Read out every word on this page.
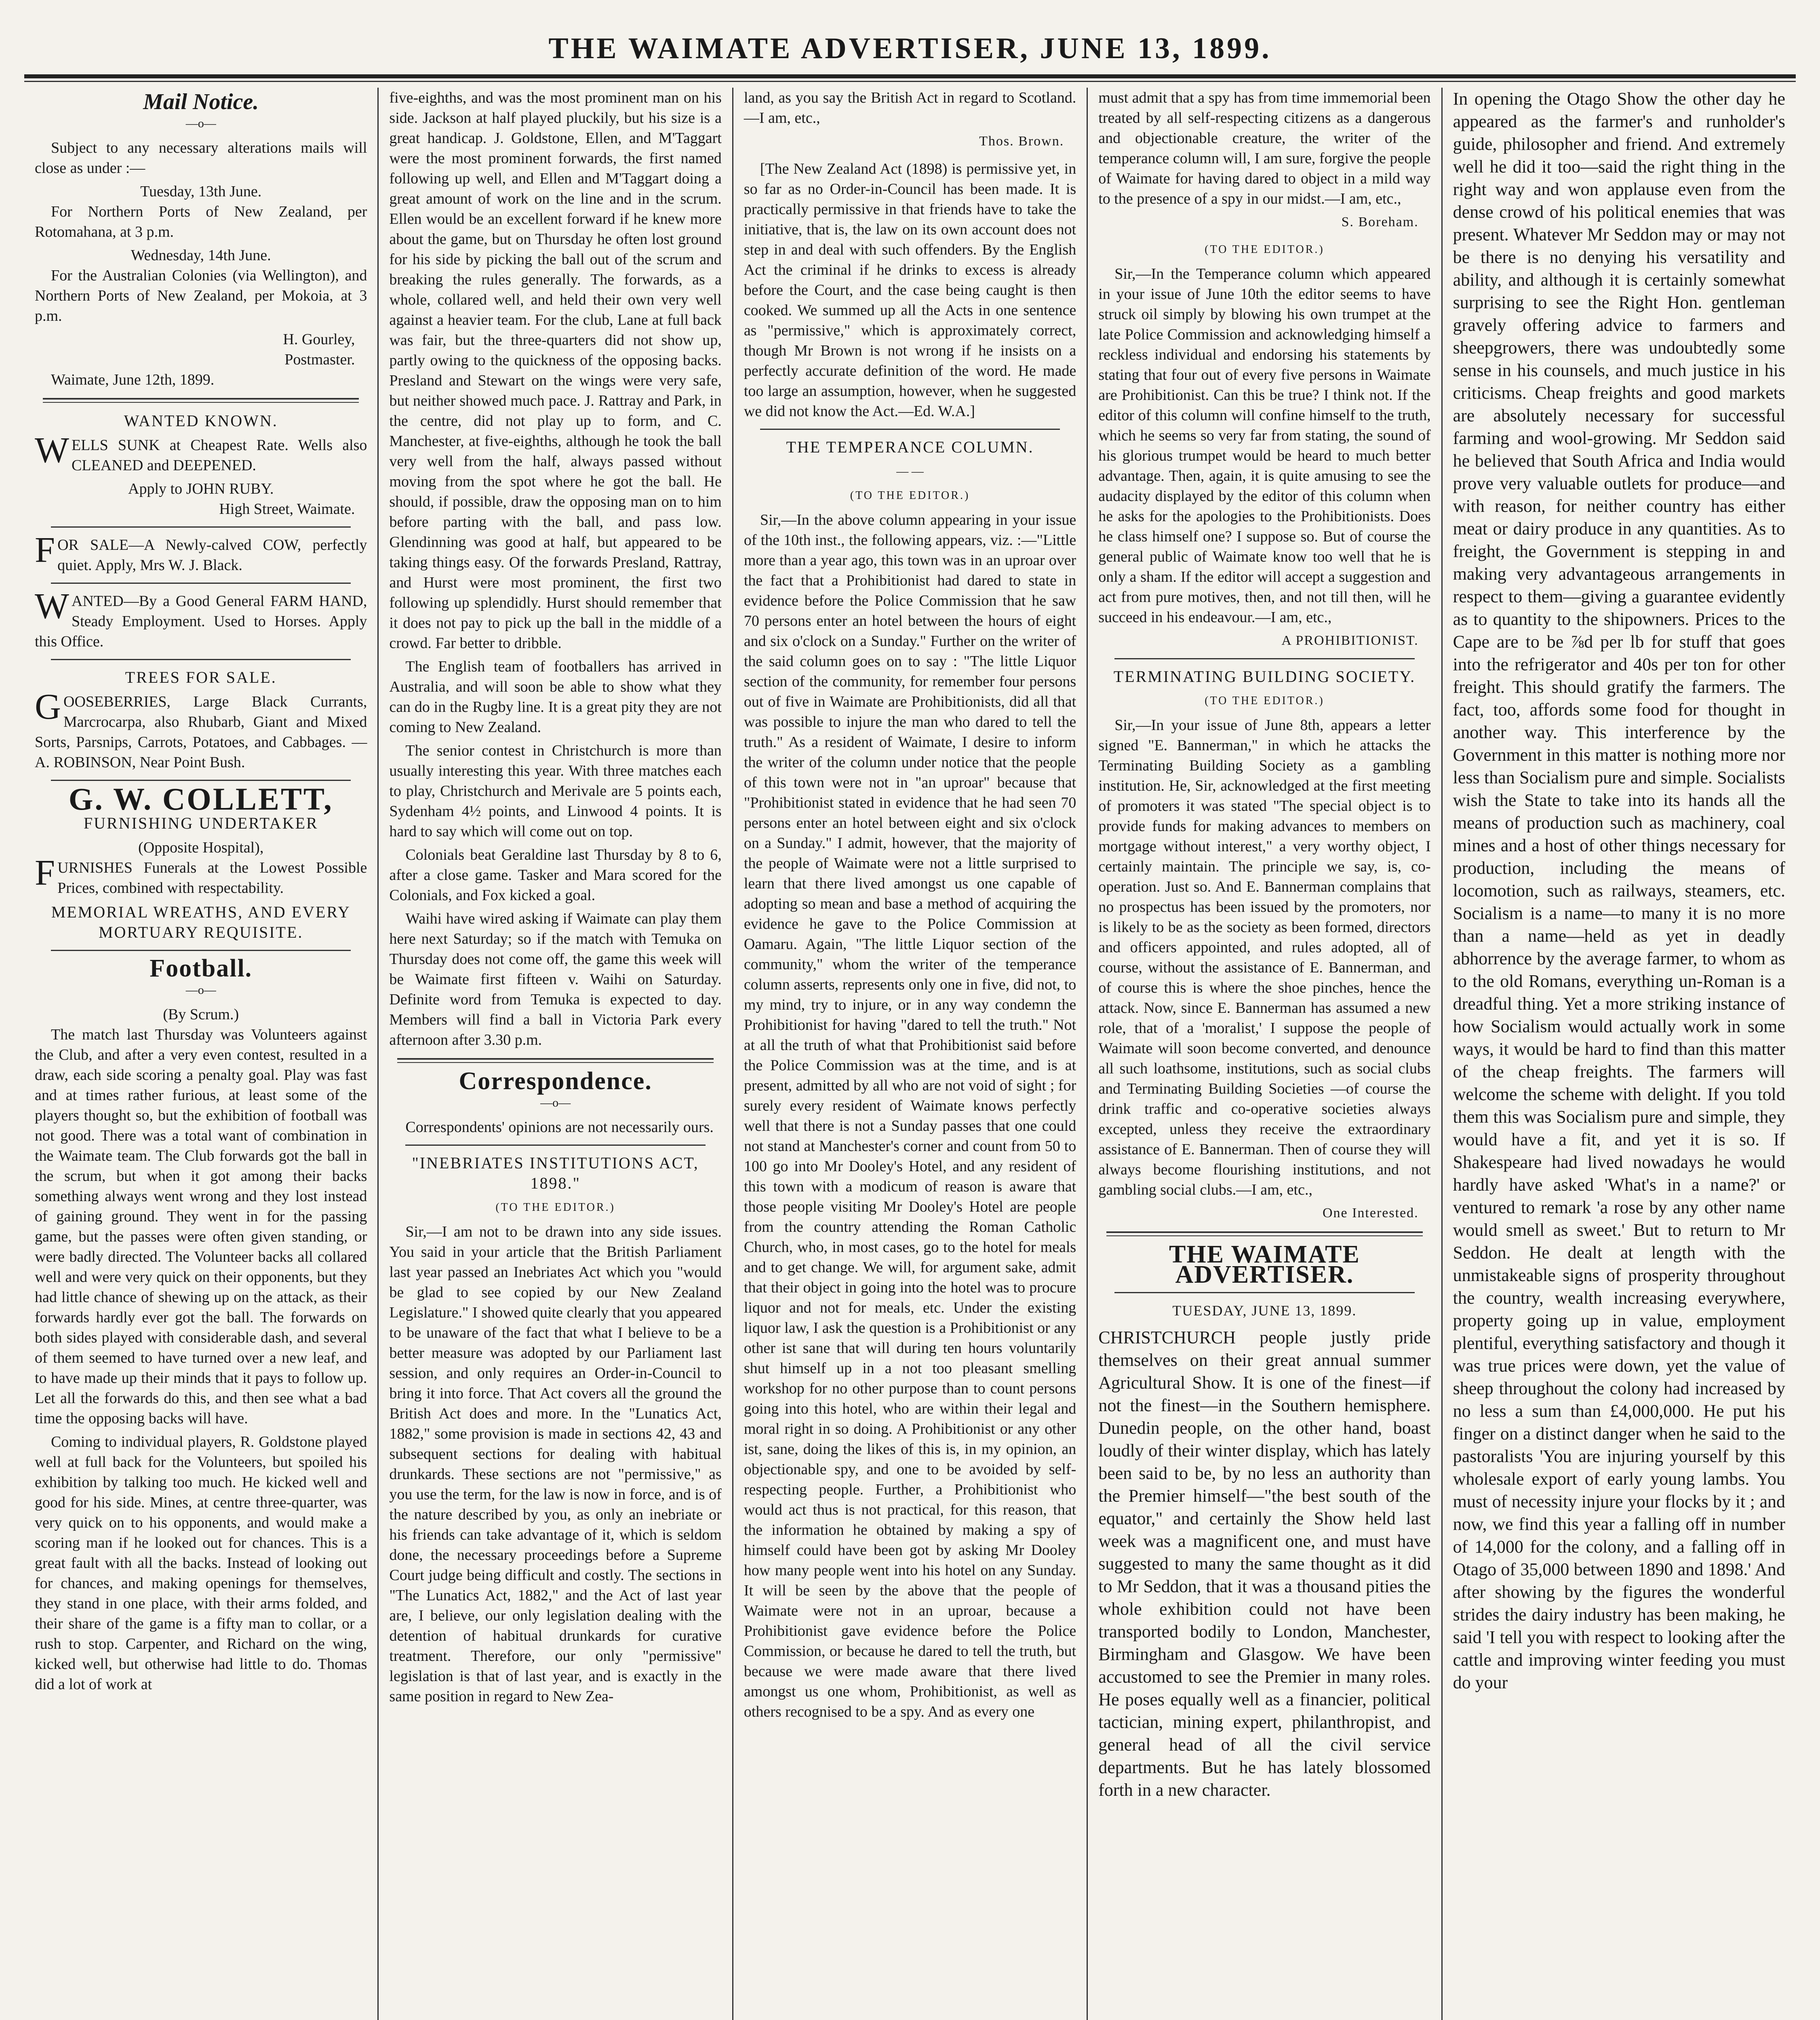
THE WAIMATE ADVERTISER, JUNE 13, 1899.
Mail Notice.
—o—

Subject to any necessary alterations mails will close as under :—

Tuesday, 13th June.

For Northern Ports of New Zealand, per Rotomahana, at 3 p.m.

Wednesday, 14th June.

For the Australian Colonies (via Wellington), and Northern Ports of New Zealand, per Mokoia, at 3 p.m.

H. Gourley,
Postmaster.

Waimate, June 12th, 1899.

WANTED KNOWN.

WELLS SUNK at Cheapest Rate. Wells also CLEANED and DEEPENED.

Apply to JOHN RUBY.
High Street, Waimate.

FOR SALE—A Newly-calved COW, perfectly quiet. Apply, Mrs W. J. Black.

WANTED—By a Good General FARM HAND, Steady Employment. Used to Horses. Apply this Office.

TREES FOR SALE.

GOOSEBERRIES, Large Black Currants, Marcrocarpa, also Rhubarb, Giant and Mixed Sorts, Parsnips, Carrots, Potatoes, and Cabbages. — A. ROBINSON, Near Point Bush.

G. W. COLLETT,
FURNISHING UNDERTAKER
(Opposite Hospital),

FURNISHES Funerals at the Lowest Possible Prices, combined with respectability.

MEMORIAL WREATHS, AND EVERY MORTUARY REQUISITE.
Football.
—o—
(By Scrum.)

The match last Thursday was Volunteers against the Club, and after a very even contest, resulted in a draw, each side scoring a penalty goal. Play was fast and at times rather furious, at least some of the players thought so, but the exhibition of football was not good. There was a total want of combination in the Waimate team. The Club forwards got the ball in the scrum, but when it got among their backs something always went wrong and they lost instead of gaining ground. They went in for the passing game, but the passes were often given standing, or were badly directed. The Volunteer backs all collared well and were very quick on their opponents, but they had little chance of shewing up on the attack, as their forwards hardly ever got the ball. The forwards on both sides played with considerable dash, and several of them seemed to have turned over a new leaf, and to have made up their minds that it pays to follow up. Let all the forwards do this, and then see what a bad time the opposing backs will have.

Coming to individual players, R. Goldstone played well at full back for the Volunteers, but spoiled his exhibition by talking too much. He kicked well and good for his side. Mines, at centre three-quarter, was very quick on to his opponents, and would make a scoring man if he looked out for chances. This is a great fault with all the backs. Instead of looking out for chances, and making openings for themselves, they stand in one place, with their arms folded, and their share of the game is a fifty man to collar, or a rush to stop. Carpenter, and Richard on the wing, kicked well, but otherwise had little to do. Thomas did a lot of work at

five-eighths, and was the most prominent man on his side. Jackson at half played pluckily, but his size is a great handicap. J. Goldstone, Ellen, and M'Taggart were the most prominent forwards, the first named following up well, and Ellen and M'Taggart doing a great amount of work on the line and in the scrum. Ellen would be an excellent forward if he knew more about the game, but on Thursday he often lost ground for his side by picking the ball out of the scrum and breaking the rules generally. The forwards, as a whole, collared well, and held their own very well against a heavier team. For the club, Lane at full back was fair, but the three-quarters did not show up, partly owing to the quickness of the opposing backs. Presland and Stewart on the wings were very safe, but neither showed much pace. J. Rattray and Park, in the centre, did not play up to form, and C. Manchester, at five-eighths, although he took the ball very well from the half, always passed without moving from the spot where he got the ball. He should, if possible, draw the opposing man on to him before parting with the ball, and pass low. Glendinning was good at half, but appeared to be taking things easy. Of the forwards Presland, Rattray, and Hurst were most prominent, the first two following up splendidly. Hurst should remember that it does not pay to pick up the ball in the middle of a crowd. Far better to dribble.

The English team of footballers has arrived in Australia, and will soon be able to show what they can do in the Rugby line. It is a great pity they are not coming to New Zealand.

The senior contest in Christchurch is more than usually interesting this year. With three matches each to play, Christchurch and Merivale are 5 points each, Sydenham 4½ points, and Linwood 4 points. It is hard to say which will come out on top.

Colonials beat Geraldine last Thursday by 8 to 6, after a close game. Tasker and Mara scored for the Colonials, and Fox kicked a goal.

Waihi have wired asking if Waimate can play them here next Saturday; so if the match with Temuka on Thursday does not come off, the game this week will be Waimate first fifteen v. Waihi on Saturday. Definite word from Temuka is expected to day. Members will find a ball in Victoria Park every afternoon after 3.30 p.m.

Correspondence.
—o—

Correspondents' opinions are not necessarily ours.

"INEBRIATES INSTITUTIONS ACT, 1898."
(TO THE EDITOR.)

Sir,—I am not to be drawn into any side issues. You said in your article that the British Parliament last year passed an Inebriates Act which you "would be glad to see copied by our New Zealand Legislature." I showed quite clearly that you appeared to be unaware of the fact that what I believe to be a better measure was adopted by our Parliament last session, and only requires an Order-in-Council to bring it into force. That Act covers all the ground the British Act does and more. In the "Lunatics Act, 1882," some provision is made in sections 42, 43 and subsequent sections for dealing with habitual drunkards. These sections are not "permissive," as you use the term, for the law is now in force, and is of the nature described by you, as only an inebriate or his friends can take advantage of it, which is seldom done, the necessary proceedings before a Supreme Court judge being difficult and costly. The sections in "The Lunatics Act, 1882," and the Act of last year are, I believe, our only legislation dealing with the detention of habitual drunkards for curative treatment. Therefore, our only "permissive" legislation is that of last year, and is exactly in the same position in regard to New Zea-

land, as you say the British Act in regard to Scotland.—I am, etc.,

Thos. Brown.

[The New Zealand Act (1898) is permissive yet, in so far as no Order-in-Council has been made. It is practically permissive in that friends have to take the initiative, that is, the law on its own account does not step in and deal with such offenders. By the English Act the criminal if he drinks to excess is already before the Court, and the case being caught is then cooked. We summed up all the Acts in one sentence as "permissive," which is approximately correct, though Mr Brown is not wrong if he insists on a perfectly accurate definition of the word. He made too large an assumption, however, when he suggested we did not know the Act.—Ed. W.A.]

THE TEMPERANCE COLUMN.
— —
(TO THE EDITOR.)

Sir,—In the above column appearing in your issue of the 10th inst., the following appears, viz. :—"Little more than a year ago, this town was in an uproar over the fact that a Prohibitionist had dared to state in evidence before the Police Commission that he saw 70 persons enter an hotel between the hours of eight and six o'clock on a Sunday." Further on the writer of the said column goes on to say : "The little Liquor section of the community, for remember four persons out of five in Waimate are Prohibitionists, did all that was possible to injure the man who dared to tell the truth." As a resident of Waimate, I desire to inform the writer of the column under notice that the people of this town were not in "an uproar" because that "Prohibitionist stated in evidence that he had seen 70 persons enter an hotel between eight and six o'clock on a Sunday." I admit, however, that the majority of the people of Waimate were not a little surprised to learn that there lived amongst us one capable of adopting so mean and base a method of acquiring the evidence he gave to the Police Commission at Oamaru. Again, "The little Liquor section of the community," whom the writer of the temperance column asserts, represents only one in five, did not, to my mind, try to injure, or in any way condemn the Prohibitionist for having "dared to tell the truth." Not at all the truth of what that Prohibitionist said before the Police Commission was at the time, and is at present, admitted by all who are not void of sight ; for surely every resident of Waimate knows perfectly well that there is not a Sunday passes that one could not stand at Manchester's corner and count from 50 to 100 go into Mr Dooley's Hotel, and any resident of this town with a modicum of reason is aware that those people visiting Mr Dooley's Hotel are people from the country attending the Roman Catholic Church, who, in most cases, go to the hotel for meals and to get change. We will, for argument sake, admit that their object in going into the hotel was to procure liquor and not for meals, etc. Under the existing liquor law, I ask the question is a Prohibitionist or any other ist sane that will during ten hours voluntarily shut himself up in a not too pleasant smelling workshop for no other purpose than to count persons going into this hotel, who are within their legal and moral right in so doing. A Prohibitionist or any other ist, sane, doing the likes of this is, in my opinion, an objectionable spy, and one to be avoided by self-respecting people. Further, a Prohibitionist who would act thus is not practical, for this reason, that the information he obtained by making a spy of himself could have been got by asking Mr Dooley how many people went into his hotel on any Sunday. It will be seen by the above that the people of Waimate were not in an uproar, because a Prohibitionist gave evidence before the Police Commission, or because he dared to tell the truth, but because we were made aware that there lived amongst us one whom, Prohibitionist, as well as others recognised to be a spy. And as every one

must admit that a spy has from time immemorial been treated by all self-respecting citizens as a dangerous and objectionable creature, the writer of the temperance column will, I am sure, forgive the people of Waimate for having dared to object in a mild way to the presence of a spy in our midst.—I am, etc.,

S. Boreham.
(TO THE EDITOR.)

Sir,—In the Temperance column which appeared in your issue of June 10th the editor seems to have struck oil simply by blowing his own trumpet at the late Police Commission and acknowledging himself a reckless individual and endorsing his statements by stating that four out of every five persons in Waimate are Prohibitionist. Can this be true? I think not. If the editor of this column will confine himself to the truth, which he seems so very far from stating, the sound of his glorious trumpet would be heard to much better advantage. Then, again, it is quite amusing to see the audacity displayed by the editor of this column when he asks for the apologies to the Prohibitionists. Does he class himself one? I suppose so. But of course the general public of Waimate know too well that he is only a sham. If the editor will accept a suggestion and act from pure motives, then, and not till then, will he succeed in his endeavour.—I am, etc.,

A PROHIBITIONIST.
TERMINATING BUILDING SOCIETY.
(TO THE EDITOR.)

Sir,—In your issue of June 8th, appears a letter signed "E. Bannerman," in which he attacks the Terminating Building Society as a gambling institution. He, Sir, acknowledged at the first meeting of promoters it was stated "The special object is to provide funds for making advances to members on mortgage without interest," a very worthy object, I certainly maintain. The principle we say, is, co-operation. Just so. And E. Bannerman complains that no prospectus has been issued by the promoters, nor is likely to be as the society as been formed, directors and officers appointed, and rules adopted, all of course, without the assistance of E. Bannerman, and of course this is where the shoe pinches, hence the attack. Now, since E. Bannerman has assumed a new role, that of a 'moralist,' I suppose the people of Waimate will soon become converted, and denounce all such loathsome, institutions, such as social clubs and Terminating Building Societies —of course the drink traffic and co-operative societies always excepted, unless they receive the extraordinary assistance of E. Bannerman. Then of course they will always become flourishing institutions, and not gambling social clubs.—I am, etc.,

One Interested.
THE WAIMATE ADVERTISER.
TUESDAY, JUNE 13, 1899.

CHRISTCHURCH people justly pride themselves on their great annual summer Agricultural Show. It is one of the finest—if not the finest—in the Southern hemisphere. Dunedin people, on the other hand, boast loudly of their winter display, which has lately been said to be, by no less an authority than the Premier himself—"the best south of the equator," and certainly the Show held last week was a magnificent one, and must have suggested to many the same thought as it did to Mr Seddon, that it was a thousand pities the whole exhibition could not have been transported bodily to London, Manchester, Birmingham and Glasgow. We have been accustomed to see the Premier in many roles. He poses equally well as a financier, political tactician, mining expert, philanthropist, and general head of all the civil service departments. But he has lately blossomed forth in a new character.

In opening the Otago Show the other day he appeared as the farmer's and runholder's guide, philosopher and friend. And extremely well he did it too—said the right thing in the right way and won applause even from the dense crowd of his political enemies that was present. Whatever Mr Seddon may or may not be there is no denying his versatility and ability, and although it is certainly somewhat surprising to see the Right Hon. gentleman gravely offering advice to farmers and sheepgrowers, there was undoubtedly some sense in his counsels, and much justice in his criticisms. Cheap freights and good markets are absolutely necessary for successful farming and wool-growing. Mr Seddon said he believed that South Africa and India would prove very valuable outlets for produce—and with reason, for neither country has either meat or dairy produce in any quantities. As to freight, the Government is stepping in and making very advantageous arrangements in respect to them—giving a guarantee evidently as to quantity to the shipowners. Prices to the Cape are to be ⅞d per lb for stuff that goes into the refrigerator and 40s per ton for other freight. This should gratify the farmers. The fact, too, affords some food for thought in another way. This interference by the Government in this matter is nothing more nor less than Socialism pure and simple. Socialists wish the State to take into its hands all the means of production such as machinery, coal mines and a host of other things necessary for production, including the means of locomotion, such as railways, steamers, etc. Socialism is a name—to many it is no more than a name—held as yet in deadly abhorrence by the average farmer, to whom as to the old Romans, everything un-Roman is a dreadful thing. Yet a more striking instance of how Socialism would actually work in some ways, it would be hard to find than this matter of the cheap freights. The farmers will welcome the scheme with delight. If you told them this was Socialism pure and simple, they would have a fit, and yet it is so. If Shakespeare had lived nowadays he would hardly have asked 'What's in a name?' or ventured to remark 'a rose by any other name would smell as sweet.' But to return to Mr Seddon. He dealt at length with the unmistakeable signs of prosperity throughout the country, wealth increasing everywhere, property going up in value, employment plentiful, everything satisfactory and though it was true prices were down, yet the value of sheep throughout the colony had increased by no less a sum than £4,000,000. He put his finger on a distinct danger when he said to the pastoralists 'You are injuring yourself by this wholesale export of early young lambs. You must of necessity injure your flocks by it ; and now, we find this year a falling off in number of 14,000 for the colony, and a falling off in Otago of 35,000 between 1890 and 1898.' And after showing by the figures the wonderful strides the dairy industry has been making, he said 'I tell you with respect to looking after the cattle and improving winter feeding you must do your
